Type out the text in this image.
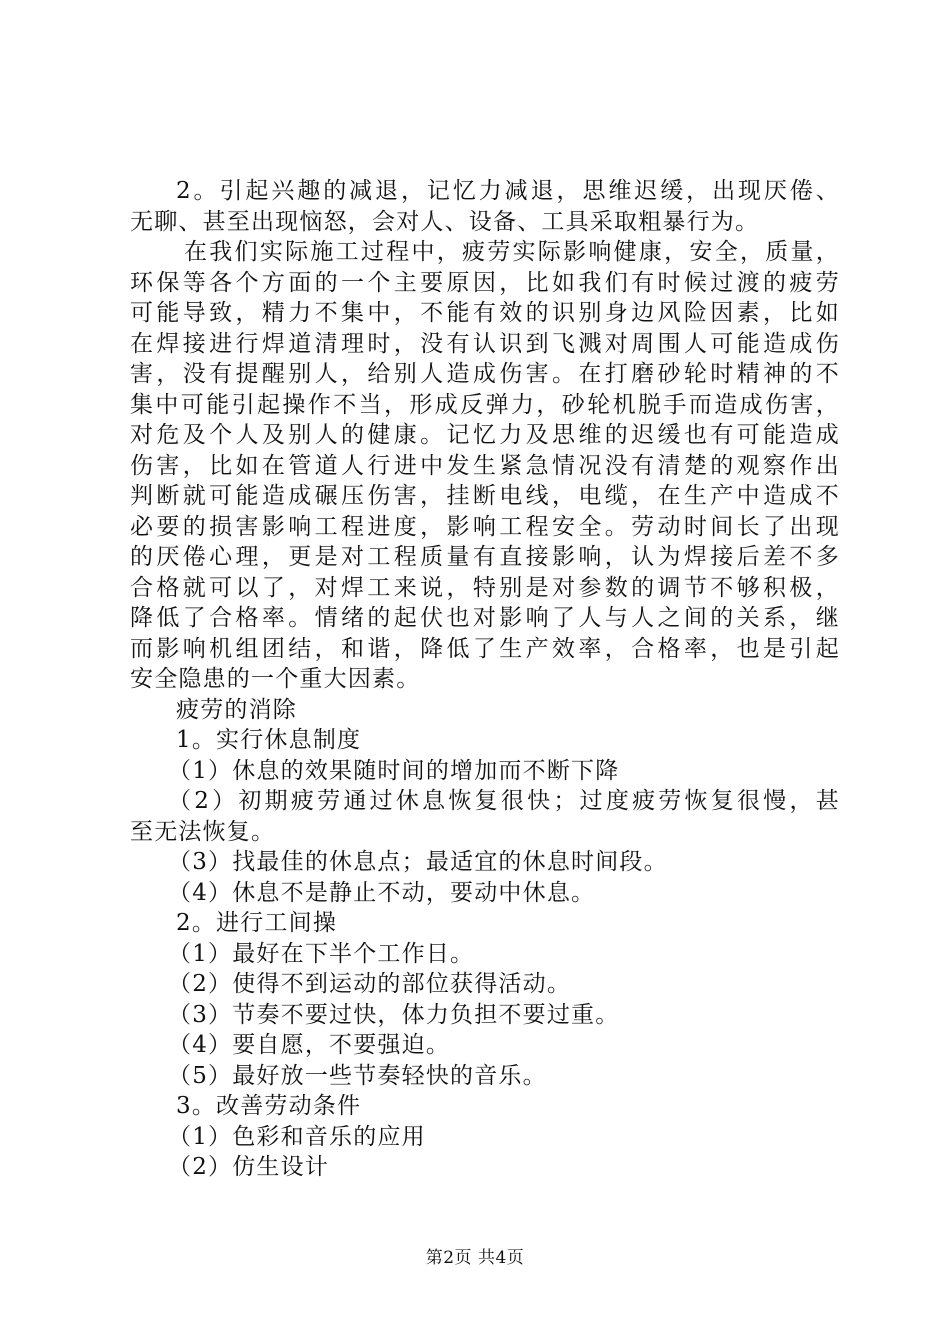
2。引起兴趣的减退，记忆力减退，思维迟缓，出现厌倦、
无聊、甚至出现恼怒，会对人、设备、工具采取粗暴行为。
在我们实际施工过程中，疲劳实际影响健康，安全，质量，
环保等各个方面的一个主要原因，比如我们有时候过渡的疲劳
可能导致，精力不集中，不能有效的识别身边风险因素，比如
在焊接进行焊道清理时，没有认识到飞溅对周围人可能造成伤
害，没有提醒别人，给别人造成伤害。在打磨砂轮时精神的不
集中可能引起操作不当，形成反弹力，砂轮机脱手而造成伤害，
对危及个人及别人的健康。记忆力及思维的迟缓也有可能造成
伤害，比如在管道人行进中发生紧急情况没有清楚的观察作出
判断就可能造成碾压伤害，挂断电线，电缆，在生产中造成不
必要的损害影响工程进度，影响工程安全。劳动时间长了出现
的厌倦心理，更是对工程质量有直接影响，认为焊接后差不多
合格就可以了，对焊工来说，特别是对参数的调节不够积极，
降低了合格率。情绪的起伏也对影响了人与人之间的关系，继
而影响机组团结，和谐，降低了生产效率，合格率，也是引起
安全隐患的一个重大因素。
疲劳的消除
1。实行休息制度
（1）休息的效果随时间的增加而不断下降
（2）初期疲劳通过休息恢复很快；过度疲劳恢复很慢，甚
至无法恢复。
（3）找最佳的休息点；最适宜的休息时间段。
（4）休息不是静止不动，要动中休息。
2。进行工间操
（1）最好在下半个工作日。
（2）使得不到运动的部位获得活动。
（3）节奏不要过快，体力负担不要过重。
（4）要自愿，不要强迫。
（5）最好放一些节奏轻快的音乐。
3。改善劳动条件
（1）色彩和音乐的应用
（2）仿生设计
第2页 共4页
